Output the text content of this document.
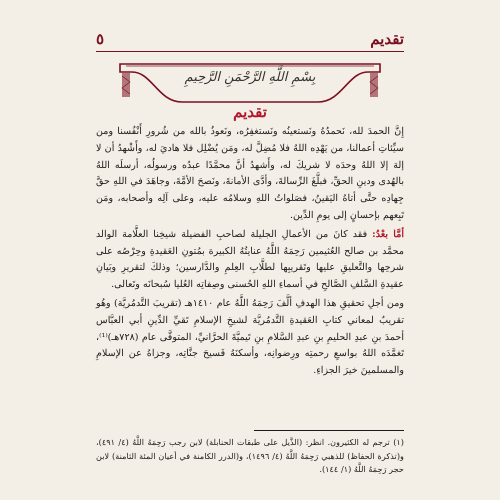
تقديم
٥
بِسْمِ اللَّهِ الرَّحْمَنِ الرَّحِيمِ
تقديم

إِنَّ الحمدَ لله، نَحمدُهُ ونَستعينُه ونَستغفِرُه، ونَعوذُ بالله من شُرورِ أَنْفُسنا ومن سيِّئاتِ أعمالنا، من يَهْدِه اللهُ فلا مُضِلَّ له، ومَن يُضْلِل فلا هاديَ له، وأَشْهدُ أن لا إلهَ إلا اللهُ وحدَه لا شريكَ له، وأَشهدُ أنَّ محمَّدًا عبدُه ورسولُه، أرسلَه اللهُ بالهُدى ودينِ الحقِّ، فبلَّغَ الرِّسالةَ، وأدَّى الأمانةَ، ونَصحَ الأمَّةَ، وجاهَدَ في اللهِ حقَّ جِهادِه حتَّى أتاهُ اليَقينُ، فصَلواتُ اللهِ وسلامُه عليه، وعلى آلِه وأصحابه، ومَن تَبِعهم بإحسانٍ إلى يومِ الدِّين.

أمَّا بعْدُ: فقد كانَ من الأعمالِ الجليلة لصاحبِ الفضيلة شيخِنا العلَّامة الوالد محمَّد بن صالح العُثيمين رَحِمَهُ اللَّهُ عنايتُهُ الكبيرة بمُتونِ العَقيدةِ وحِرْصُه على شرحِها والتَّعليقِ عليها وتَقريبِها لطلَّابِ العِلمِ والدَّارسين؛ وذلكَ لتقريرِ وبَيانِ عقيدةِ السَّلفِ الصَّالحِ في أسماءِ اللهِ الحُسنى وصِفاتِه العُليا سُبحانَه وتَعالى.

ومن أجلِ تحقيقِ هذا الهدفِ ألَّفَ رَحِمَهُ اللَّهُ عام ١٤١٠هـ (تقريبَ التَّدمُريَّة) وهُو تقريبٌ لمعاني كتابِ العَقيدةِ التَّدمُريَّة لشيخِ الإسلامِ تَقيِّ الدِّينِ أبي العبَّاس أحمدَ بنِ عبدِ الحليمِ بنِ عبدِ السَّلامِ بنِ تَيميَّةَ الحرَّانيِّ، المتوفَّى عام (٧٢٨هـ)⁽¹⁾، تَغمَّدَه اللهُ بواسعِ رحمتِه ورِضوانِه، وأسكنَهُ فَسيحَ جنَّاتِه، وجزاهُ عن الإسلامِ والمسلمينَ خيرَ الجزاءِ.

(١) ترجم له الكثيرون. انظر: (الذَّيل على طبقات الحنابلة) لابن رجب رَحِمَهُ اللَّهُ (٤/ ٤٩١)، و(تذكرة الحفاظ) للذهبي رَحِمَهُ اللَّهُ (٤/ ١٤٩٦)، و(الدرر الكامنة في أعيان المئة الثامنة) لابن حجر رَحِمَهُ اللَّهُ (١/ ١٤٤).
